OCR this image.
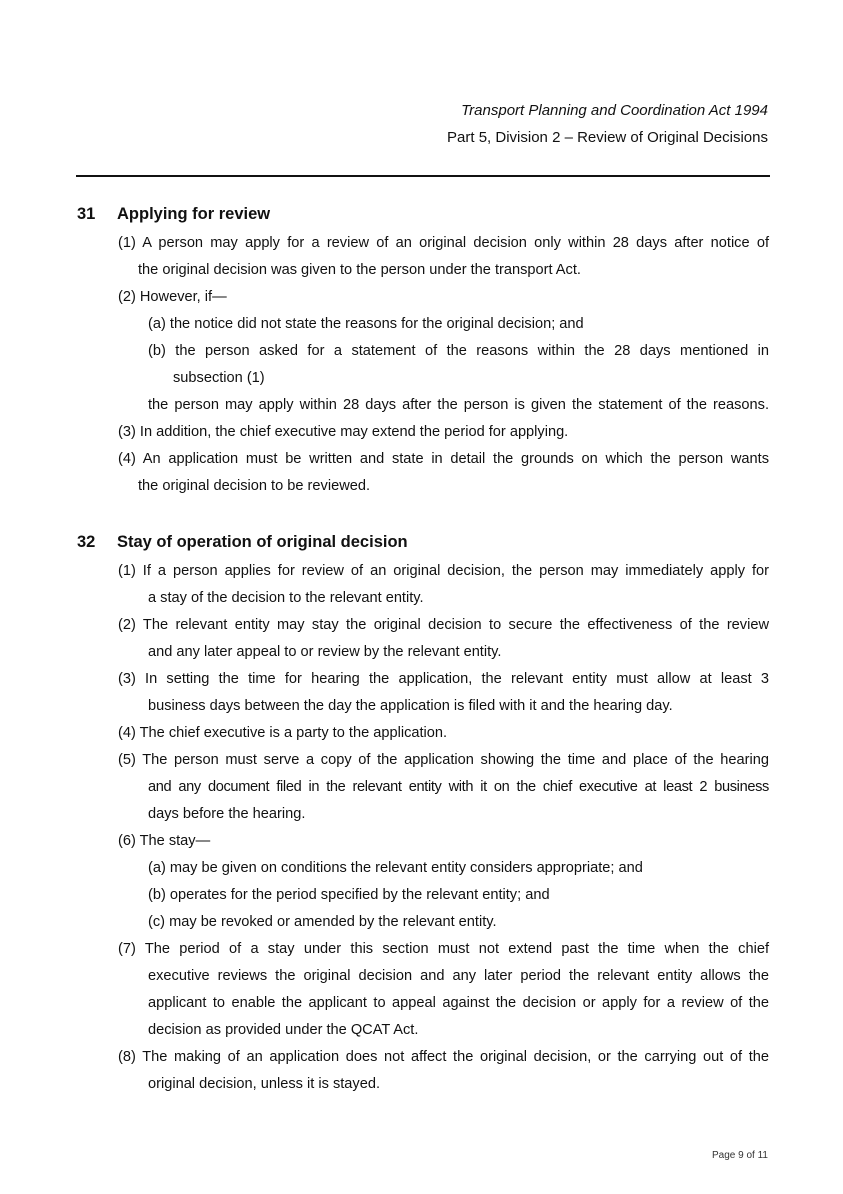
Transport Planning and Coordination Act 1994
Part 5, Division 2 – Review of Original Decisions
31 Applying for review
(1) A person may apply for a review of an original decision only within 28 days after notice of
the original decision was given to the person under the transport Act.
(2) However, if—
(a) the notice did not state the reasons for the original decision; and
(b) the person asked for a statement of the reasons within the 28 days mentioned in
subsection (1)
the person may apply within 28 days after the person is given the statement of the reasons.
(3) In addition, the chief executive may extend the period for applying.
(4) An application must be written and state in detail the grounds on which the person wants
the original decision to be reviewed.
32 Stay of operation of original decision
(1) If a person applies for review of an original decision, the person may immediately apply for
a stay of the decision to the relevant entity.
(2) The relevant entity may stay the original decision to secure the effectiveness of the review
and any later appeal to or review by the relevant entity.
(3) In setting the time for hearing the application, the relevant entity must allow at least 3
business days between the day the application is filed with it and the hearing day.
(4) The chief executive is a party to the application.
(5) The person must serve a copy of the application showing the time and place of the hearing
and any document filed in the relevant entity with it on the chief executive at least 2 business
days before the hearing.
(6) The stay—
(a) may be given on conditions the relevant entity considers appropriate; and
(b) operates for the period specified by the relevant entity; and
(c) may be revoked or amended by the relevant entity.
(7) The period of a stay under this section must not extend past the time when the chief
executive reviews the original decision and any later period the relevant entity allows the
applicant to enable the applicant to appeal against the decision or apply for a review of the
decision as provided under the QCAT Act.
(8) The making of an application does not affect the original decision, or the carrying out of the
original decision, unless it is stayed.
Page 9 of 11
